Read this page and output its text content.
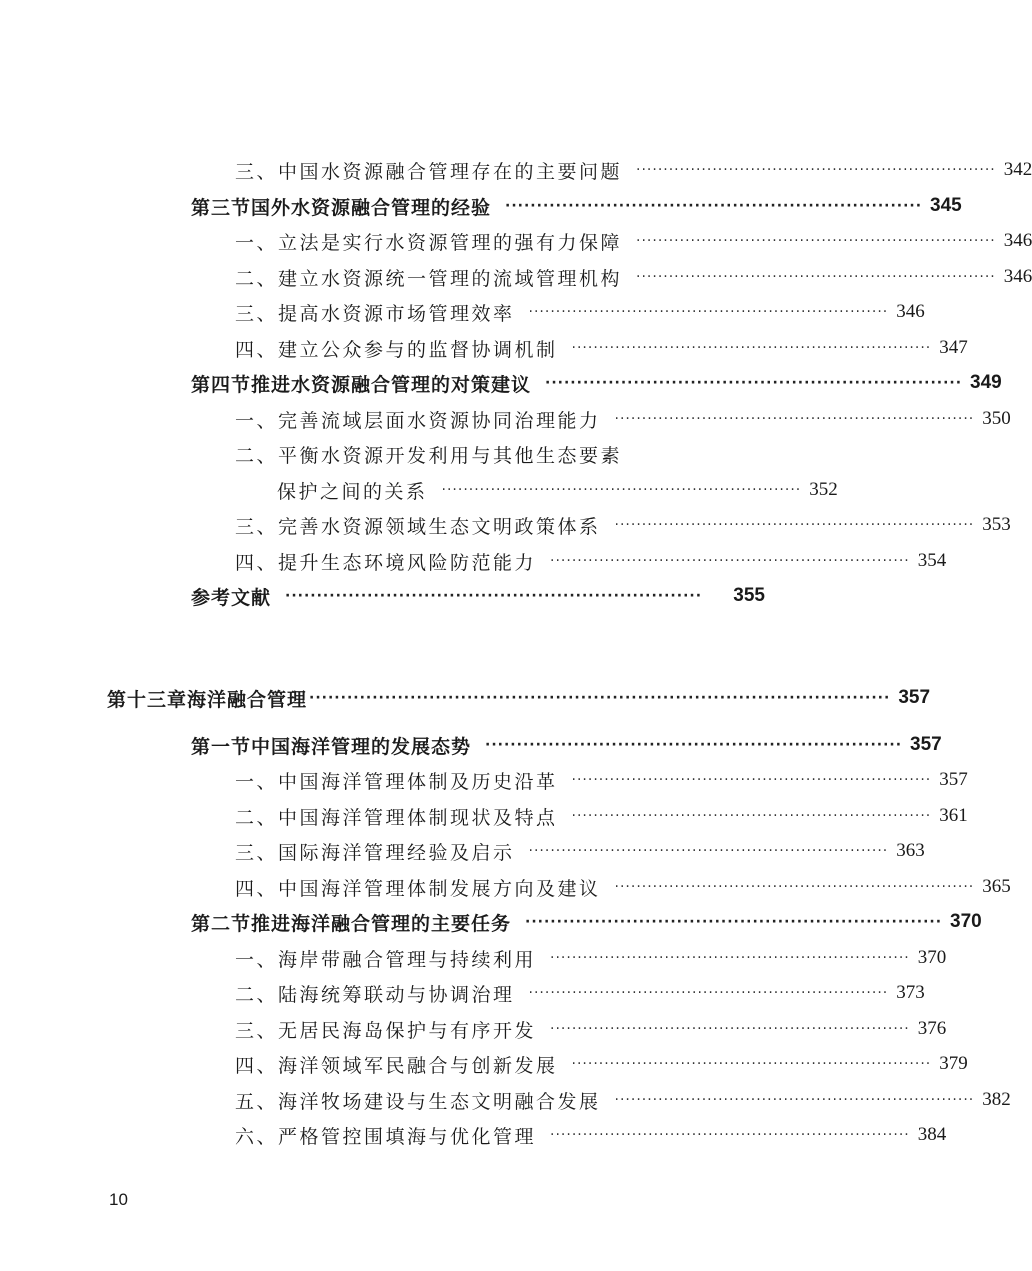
三、中国水资源融合管理存在的主要问题 ·································································· 342
第三节 国外水资源融合管理的经验 ·································································· 345
一、立法是实行水资源管理的强有力保障 ·································································· 346
二、建立水资源统一管理的流域管理机构 ·································································· 346
三、提高水资源市场管理效率 ·································································· 346
四、建立公众参与的监督协调机制 ·································································· 347
第四节 推进水资源融合管理的对策建议 ·································································· 349
一、完善流域层面水资源协同治理能力 ·································································· 350
二、平衡水资源开发利用与其他生态要素
保护之间的关系 ·································································· 352
三、完善水资源领域生态文明政策体系 ·································································· 353
四、提升生态环境风险防范能力 ·································································· 354
参考文献 ··································································	355
第十三章 海洋融合管理 ···························································································· 357
第一节 中国海洋管理的发展态势 ·································································· 357
一、中国海洋管理体制及历史沿革 ·································································· 357
二、中国海洋管理体制现状及特点 ·································································· 361
三、国际海洋管理经验及启示 ·································································· 363
四、中国海洋管理体制发展方向及建议 ·································································· 365
第二节 推进海洋融合管理的主要任务 ·································································· 370
一、海岸带融合管理与持续利用 ·································································· 370
二、陆海统筹联动与协调治理 ·································································· 373
三、无居民海岛保护与有序开发 ·································································· 376
四、海洋领域军民融合与创新发展 ·································································· 379
五、海洋牧场建设与生态文明融合发展 ·································································· 382
六、严格管控围填海与优化管理 ·································································· 384
10
